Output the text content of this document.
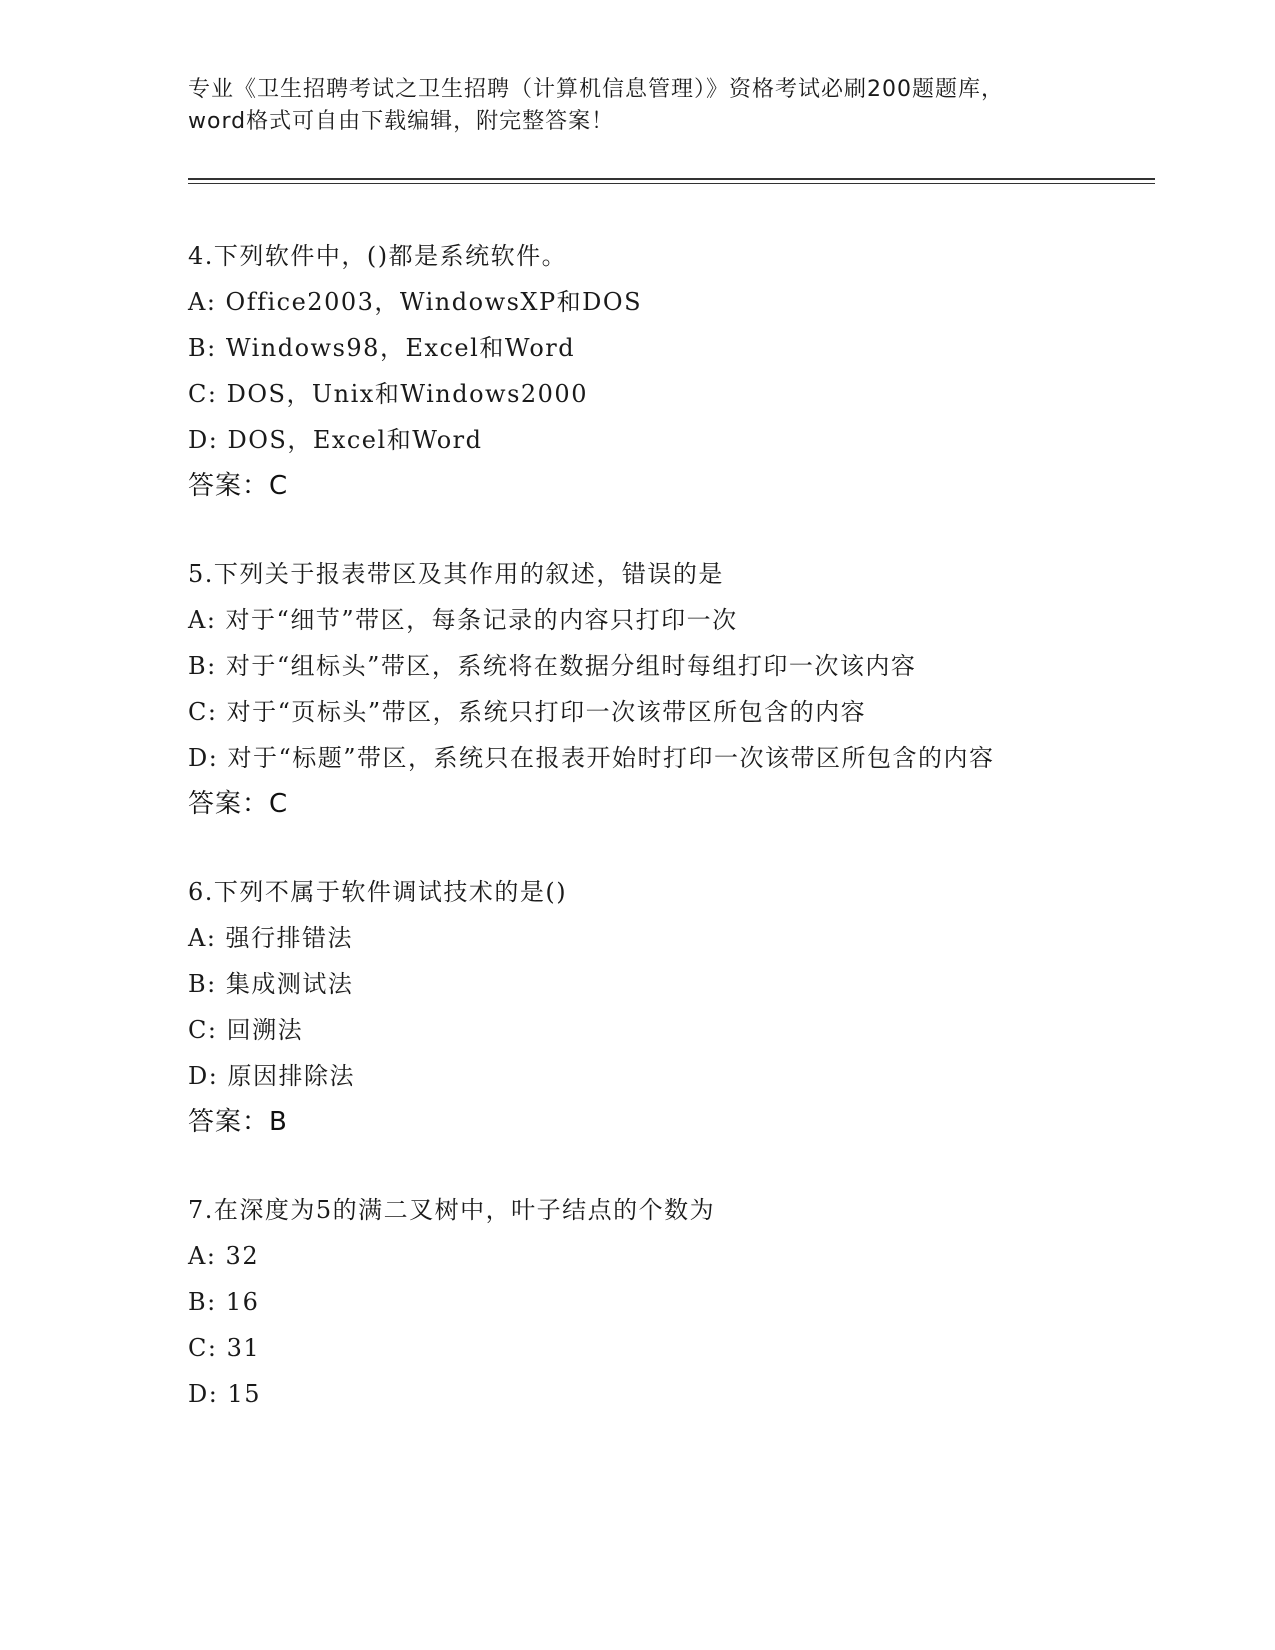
专业《卫生招聘考试之卫生招聘（计算机信息管理）》资格考试必刷200题题库，
word格式可自由下载编辑，附完整答案！
4.下列软件中，()都是系统软件。
A: Office2003，WindowsXP和DOS
B: Windows98，Excel和Word
C: DOS，Unix和Windows2000
D: DOS，Excel和Word
答案：C
5.下列关于报表带区及其作用的叙述，错误的是
A: 对于“细节”带区，每条记录的内容只打印一次
B: 对于“组标头”带区，系统将在数据分组时每组打印一次该内容
C: 对于“页标头”带区，系统只打印一次该带区所包含的内容
D: 对于“标题”带区，系统只在报表开始时打印一次该带区所包含的内容
答案：C
6.下列不属于软件调试技术的是()
A: 强行排错法
B: 集成测试法
C: 回溯法
D: 原因排除法
答案：B
7.在深度为5的满二叉树中，叶子结点的个数为
A: 32
B: 16
C: 31
D: 15
